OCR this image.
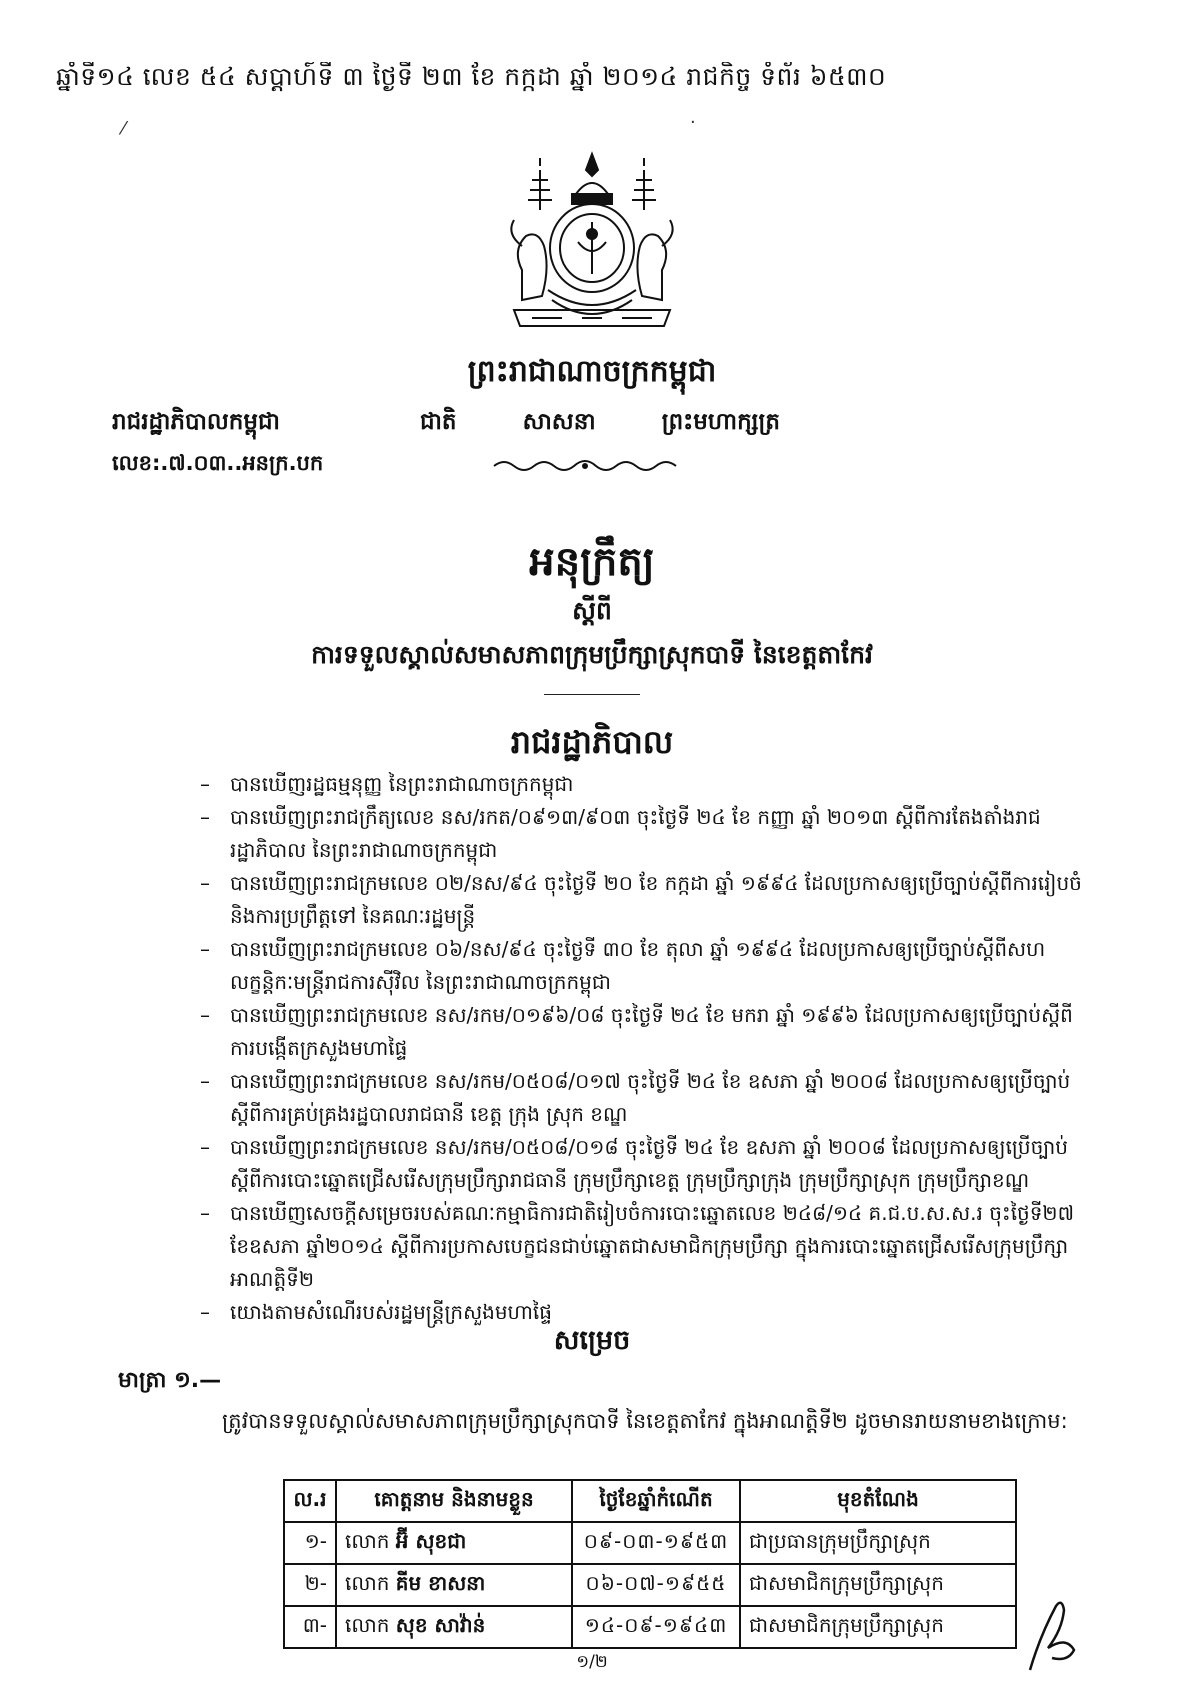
ឆ្នាំទី១៤ លេខ ៥៤ សប្តាហ៍ទី ៣ ថ្ងៃទី ២៣ ខែ កក្កដា ឆ្នាំ ២០១៤ រាជកិច្ច ទំព័រ ៦៥៣០
⁄	·
ព្រះរាជាណាចក្រកម្ពុជា
រាជរដ្ឋាភិបាលកម្ពុជា	ជាតិ	សាសនា	ព្រះមហាក្សត្រ
លេខ:.៧.០៣..អនក្រ.បក
អនុក្រឹត្យ
ស្តីពី
ការទទួលស្គាល់សមាសភាពក្រុមប្រឹក្សាស្រុកបាទី នៃខេត្តតាកែវ
រាជរដ្ឋាភិបាល
– បានឃើញរដ្ឋធម្មនុញ្ញ នៃព្រះរាជាណាចក្រកម្ពុជា
– បានឃើញព្រះរាជក្រឹត្យលេខ នស/រកត/០៩១៣/៩០៣ ចុះថ្ងៃទី ២៤ ខែ កញ្ញា ឆ្នាំ ២០១៣ ស្តីពីការតែងតាំងរាជរដ្ឋាភិបាល នៃព្រះរាជាណាចក្រកម្ពុជា
– បានឃើញព្រះរាជក្រមលេខ ០២/នស/៩៤ ចុះថ្ងៃទី ២០ ខែ កក្កដា ឆ្នាំ ១៩៩៤ ដែលប្រកាសឲ្យប្រើច្បាប់ស្តីពីការរៀបចំ និងការប្រព្រឹត្តទៅ នៃគណៈរដ្ឋមន្ត្រី
– បានឃើញព្រះរាជក្រមលេខ ០៦/នស/៩៤ ចុះថ្ងៃទី ៣០ ខែ តុលា ឆ្នាំ ១៩៩៤ ដែលប្រកាសឲ្យប្រើច្បាប់ស្តីពីសហលក្ខន្តិកៈមន្ត្រីរាជការស៊ីវិល នៃព្រះរាជាណាចក្រកម្ពុជា
– បានឃើញព្រះរាជក្រមលេខ នស/រកម/០១៩៦/០៨ ចុះថ្ងៃទី ២៤ ខែ មករា ឆ្នាំ ១៩៩៦ ដែលប្រកាសឲ្យប្រើច្បាប់ស្តីពីការបង្កើតក្រសួងមហាផ្ទៃ
– បានឃើញព្រះរាជក្រមលេខ នស/រកម/០៥០៨/០១៧ ចុះថ្ងៃទី ២៤ ខែ ឧសភា ឆ្នាំ ២០០៨ ដែលប្រកាសឲ្យប្រើច្បាប់ស្តីពីការគ្រប់គ្រងរដ្ឋបាលរាជធានី ខេត្ត ក្រុង ស្រុក ខណ្ឌ
– បានឃើញព្រះរាជក្រមលេខ នស/រកម/០៥០៨/០១៨ ចុះថ្ងៃទី ២៤ ខែ ឧសភា ឆ្នាំ ២០០៨ ដែលប្រកាសឲ្យប្រើច្បាប់ស្តីពីការបោះឆ្នោតជ្រើសរើសក្រុមប្រឹក្សារាជធានី ក្រុមប្រឹក្សាខេត្ត ក្រុមប្រឹក្សាក្រុង ក្រុមប្រឹក្សាស្រុក ក្រុមប្រឹក្សាខណ្ឌ
– បានឃើញសេចក្តីសម្រេចរបស់គណៈកម្មាធិការជាតិរៀបចំការបោះឆ្នោតលេខ ២៤៨/១៤ គ.ជ.ប.ស.ស.រ ចុះថ្ងៃទី២៧ ខែឧសភា ឆ្នាំ២០១៤ ស្តីពីការប្រកាសបេក្ខជនជាប់ឆ្នោតជាសមាជិកក្រុមប្រឹក្សា ក្នុងការបោះឆ្នោតជ្រើសរើសក្រុមប្រឹក្សា អាណត្តិទី២
– យោងតាមសំណើរបស់រដ្ឋមន្ត្រីក្រសួងមហាផ្ទៃ
សម្រេច
មាត្រា ១.—
ត្រូវបានទទួលស្គាល់សមាសភាពក្រុមប្រឹក្សាស្រុកបាទី នៃខេត្តតាកែវ ក្នុងអាណត្តិទី២ ដូចមានរាយនាមខាងក្រោម:
ល.រ	គោត្តនាម និងនាមខ្លួន	ថ្ងៃខែឆ្នាំកំណើត	មុខតំណែង
១-	លោក អ៊ី សុខជា	០៩-០៣-១៩៥៣	ជាប្រធានក្រុមប្រឹក្សាស្រុក
២-	លោក គីម ខាសនា	០៦-០៧-១៩៥៥	ជាសមាជិកក្រុមប្រឹក្សាស្រុក
៣-	លោក សុខ សាវ៉ាន់	១៤-០៩-១៩៤៣	ជាសមាជិកក្រុមប្រឹក្សាស្រុក
១/២
